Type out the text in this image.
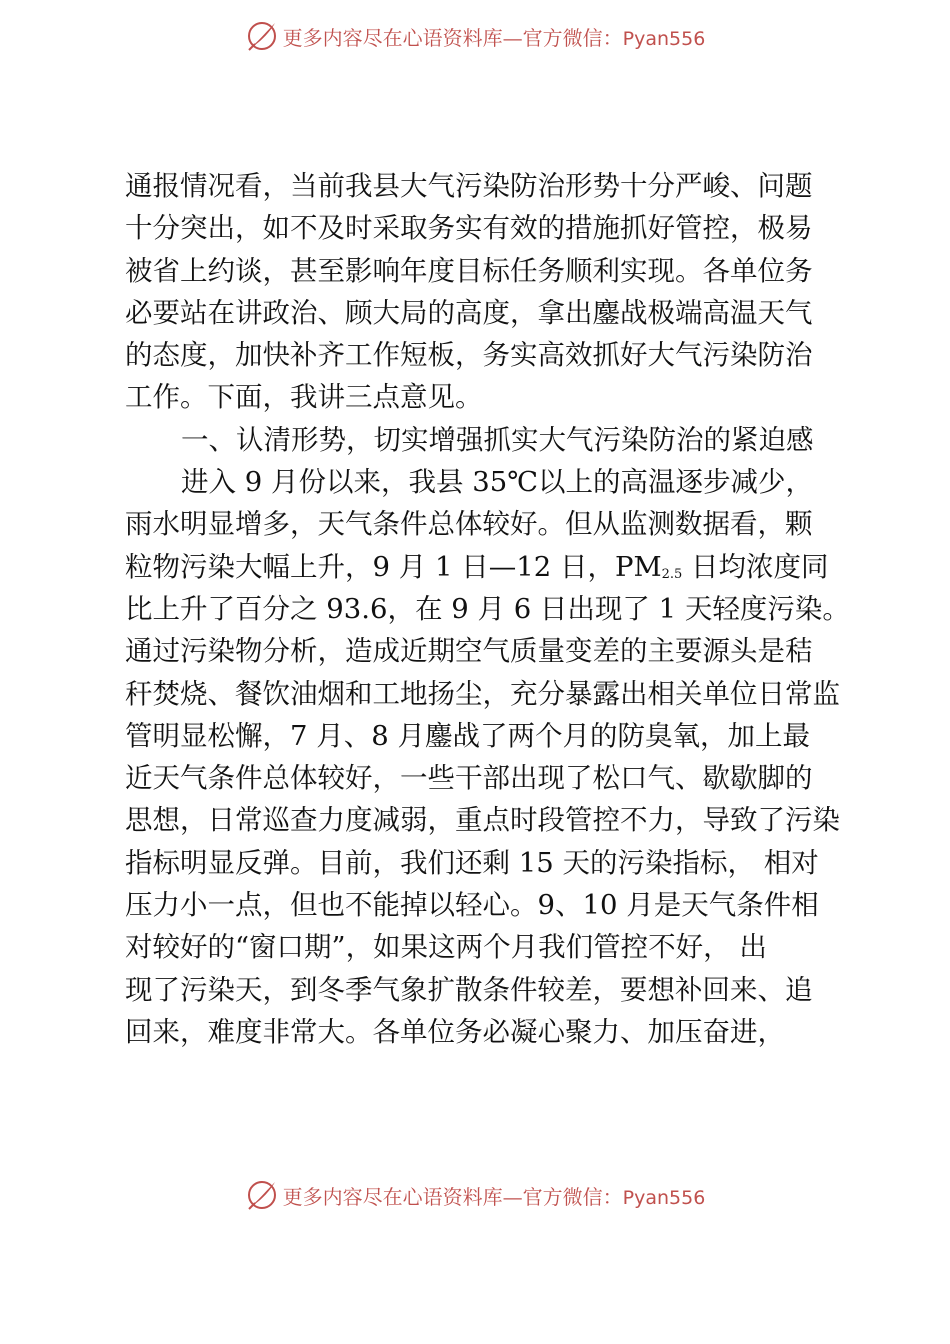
更多内容尽在心语资料库—官方微信：Pyan556
通报情况看，当前我县大气污染防治形势十分严峻、问题
十分突出，如不及时采取务实有效的措施抓好管控，极易
被省上约谈，甚至影响年度目标任务顺利实现。各单位务
必要站在讲政治、顾大局的高度，拿出鏖战极端高温天气
的态度，加快补齐工作短板，务实高效抓好大气污染防治
工作。下面，我讲三点意见。
一、认清形势，切实增强抓实大气污染防治的紧迫感
进入 9 月份以来，我县 35℃以上的高温逐步减少，
雨水明显增多，天气条件总体较好。但从监测数据看，颗
粒物污染大幅上升，9 月 1 日—12 日，$PM_{2.5}$ 日均浓度同
比上升了百分之 93.6，在 9 月 6 日出现了 1 天轻度污染。
通过污染物分析，造成近期空气质量变差的主要源头是秸
秆焚烧、餐饮油烟和工地扬尘，充分暴露出相关单位日常监
管明显松懈，7 月、8 月鏖战了两个月的防臭氧，加上最
近天气条件总体较好，一些干部出现了松口气、歇歇脚的
思想，日常巡查力度减弱，重点时段管控不力，导致了污染
指标明显反弹。目前，我们还剩 15 天的污染指标， 相对
压力小一点，但也不能掉以轻心。9、10 月是天气条件相
对较好的“窗口期”，如果这两个月我们管控不好， 出
现了污染天，到冬季气象扩散条件较差，要想补回来、追
回来，难度非常大。各单位务必凝心聚力、加压奋进，
更多内容尽在心语资料库—官方微信：Pyan556
